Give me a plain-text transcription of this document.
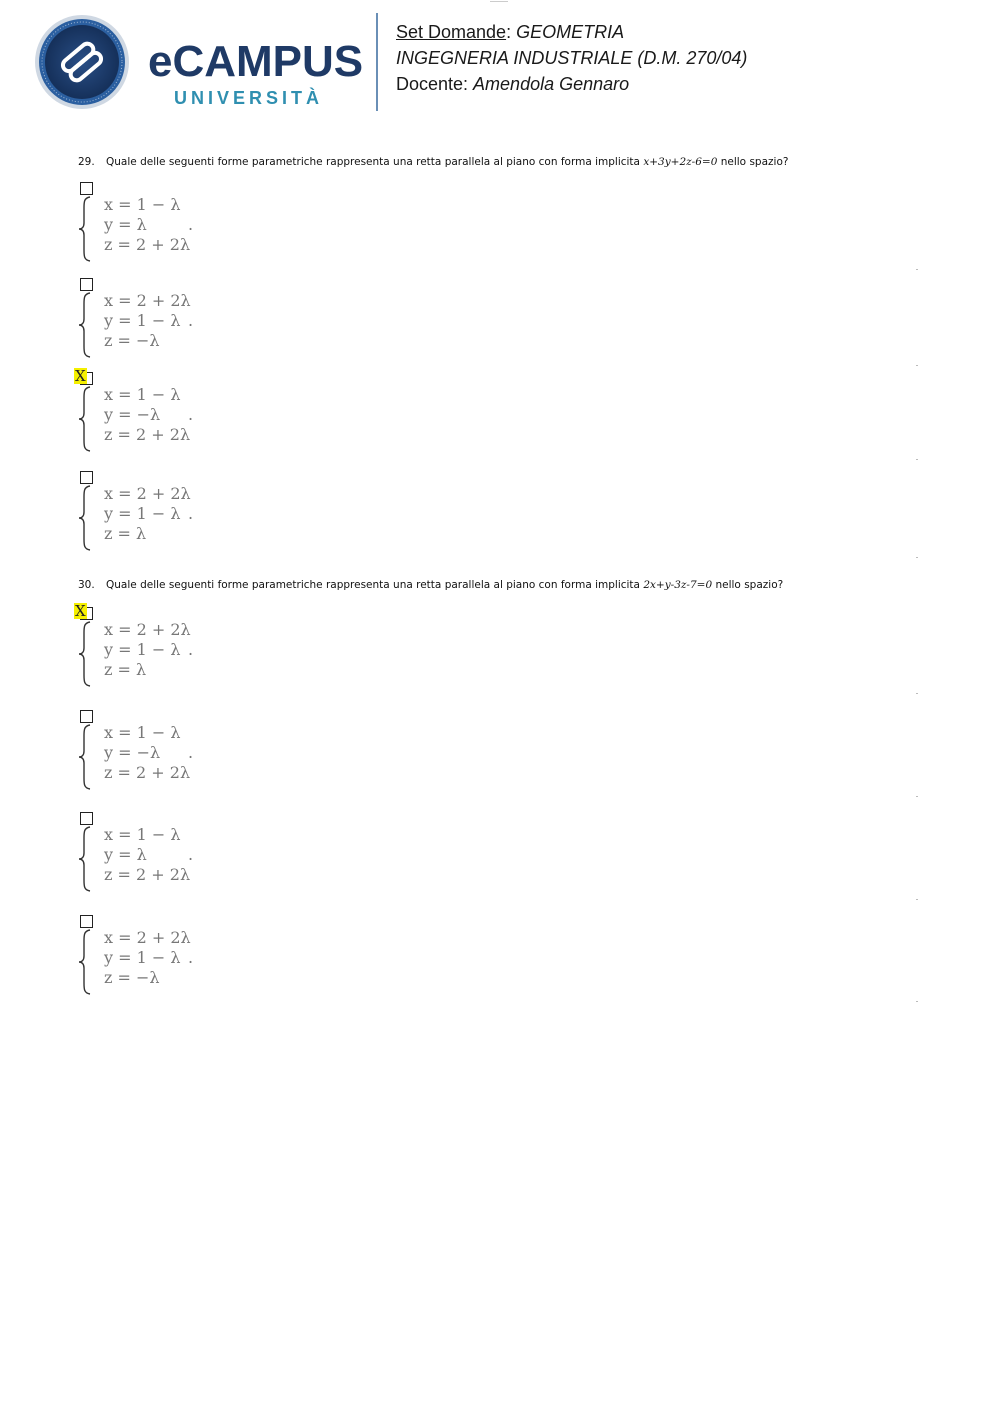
eCAMPUS
UNIVERSITÀ
Set Domande: GEOMETRIA
INGEGNERIA INDUSTRIALE (D.M. 270/04)
Docente: Amendola Gennaro
29. Quale delle seguenti forme parametriche rappresenta una retta parallela al piano con forma implicita x+3y+2z-6=0 nello spazio?
x = 1 − λ
y = λ
z = 2 + 2λ
.
x = 2 + 2λ
y = 1 − λ
z = −λ
.
X
x = 1 − λ
y = −λ
z = 2 + 2λ
.
x = 2 + 2λ
y = 1 − λ
z = λ
.
30. Quale delle seguenti forme parametriche rappresenta una retta parallela al piano con forma implicita 2x+y-3z-7=0 nello spazio?
X
x = 2 + 2λ
y = 1 − λ
z = λ
.
x = 1 − λ
y = −λ
z = 2 + 2λ
.
x = 1 − λ
y = λ
z = 2 + 2λ
.
x = 2 + 2λ
y = 1 − λ
z = −λ
.
